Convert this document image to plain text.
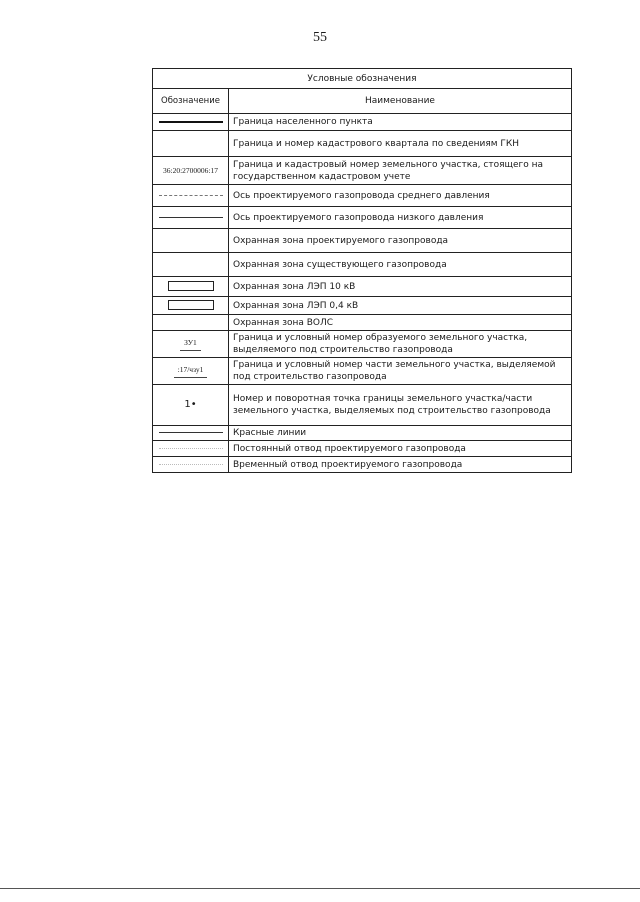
55
Условные обозначения	
Обозначение	Наименование
	Граница населенного пункта
	Граница и номер кадастрового квартала по сведениям ГКН
36:20:2700006:17	Граница и кадастровый номер земельного участка, стоящего на государственном кадастровом учете
	Ось проектируемого газопровода среднего давления
	Ось проектируемого газопровода низкого давления
	Охранная зона проектируемого газопровода
	Охранная зона существующего газопровода
	Охранная зона ЛЭП 10 кВ
	Охранная зона ЛЭП 0,4 кВ
	Охранная зона ВОЛС
ЗУ1	Граница и условный номер образуемого земельного участка, выделяемого под строительство газопровода
:17/чзу1	Граница и условный номер части земельного участка, выделяемой под строительство газопровода
1•	Номер и поворотная точка границы земельного участка/части земельного участка, выделяемых под строительство газопровода
	Красные линии
	Постоянный отвод проектируемого газопровода
	Временный отвод проектируемого газопровода
